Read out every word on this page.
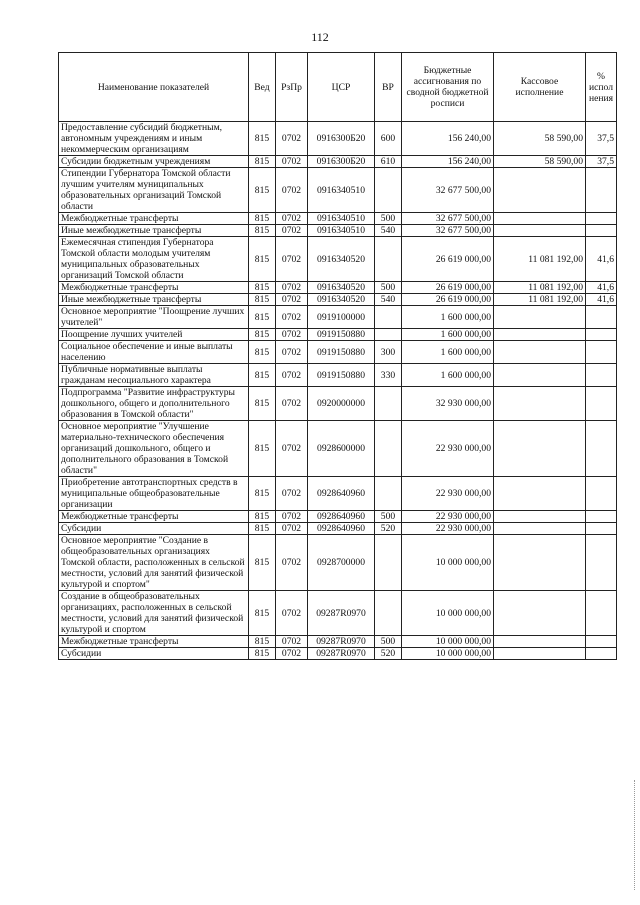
112
Наименование показателей	Вед	РзПр	ЦСР	ВР	Бюджетные ассигнования по сводной бюджетной росписи	Кассовое исполнение	% испол нения
Предоставление субсидий бюджетным, автономным учреждениям и иным некоммерческим организациям	815	0702	0916300Б20	600	156 240,00	58 590,00	37,5
Субсидии бюджетным учреждениям	815	0702	0916300Б20	610	156 240,00	58 590,00	37,5
Стипендии Губернатора Томской области лучшим учителям муниципальных образовательных организаций Томской области	815	0702	0916340510		32 677 500,00		
Межбюджетные трансферты	815	0702	0916340510	500	32 677 500,00		
Иные межбюджетные трансферты	815	0702	0916340510	540	32 677 500,00		
Ежемесячная стипендия Губернатора Томской области молодым учителям муниципальных образовательных организаций Томской области	815	0702	0916340520		26 619 000,00	11 081 192,00	41,6
Межбюджетные трансферты	815	0702	0916340520	500	26 619 000,00	11 081 192,00	41,6
Иные межбюджетные трансферты	815	0702	0916340520	540	26 619 000,00	11 081 192,00	41,6
Основное мероприятие "Поощрение лучших учителей"	815	0702	0919100000		1 600 000,00		
Поощрение лучших учителей	815	0702	0919150880		1 600 000,00		
Социальное обеспечение и иные выплаты населению	815	0702	0919150880	300	1 600 000,00		
Публичные нормативные выплаты гражданам несоциального характера	815	0702	0919150880	330	1 600 000,00		
Подпрограмма "Развитие инфраструктуры дошкольного, общего и дополнительного образования в Томской области"	815	0702	0920000000		32 930 000,00		
Основное мероприятие "Улучшение материально-технического обеспечения организаций дошкольного, общего и дополнительного образования в Томской области"	815	0702	0928600000		22 930 000,00		
Приобретение автотранспортных средств в муниципальные общеобразовательные организации	815	0702	0928640960		22 930 000,00		
Межбюджетные трансферты	815	0702	0928640960	500	22 930 000,00		
Субсидии	815	0702	0928640960	520	22 930 000,00		
Основное мероприятие "Создание в общеобразовательных организациях Томской области, расположенных в сельской местности, условий для занятий физической культурой и спортом"	815	0702	0928700000		10 000 000,00		
Создание в общеобразовательных организациях, расположенных в сельской местности, условий для занятий физической культурой и спортом	815	0702	09287R0970		10 000 000,00		
Межбюджетные трансферты	815	0702	09287R0970	500	10 000 000,00		
Субсидии	815	0702	09287R0970	520	10 000 000,00		
